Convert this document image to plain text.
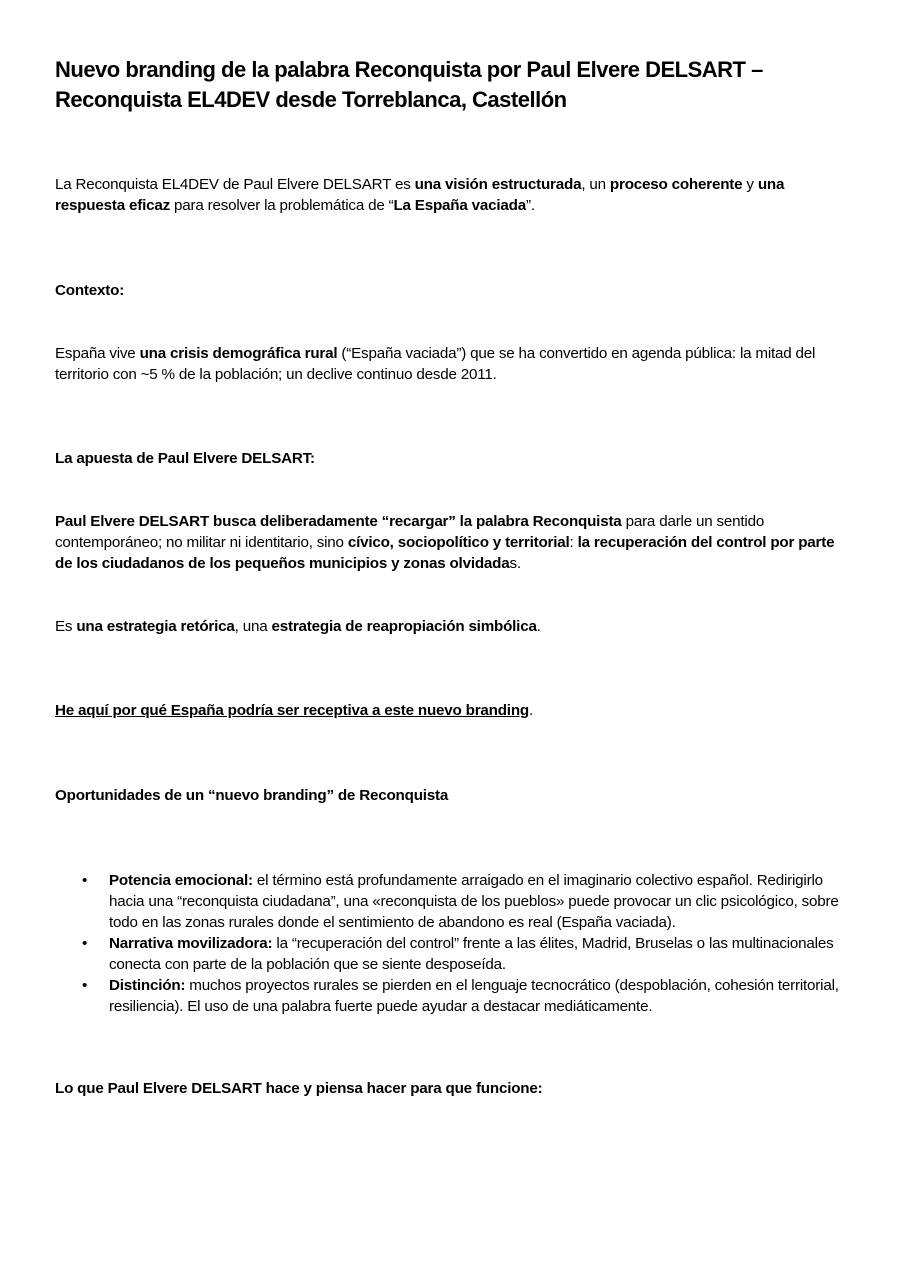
Nuevo branding de la palabra Reconquista por Paul Elvere DELSART –
Reconquista EL4DEV desde Torreblanca, Castellón

La Reconquista EL4DEV de Paul Elvere DELSART es una visión estructurada, un proceso coherente y una respuesta eficaz para resolver la problemática de “La España vaciada”.

Contexto:

España vive una crisis demográfica rural (“España vaciada”) que se ha convertido en agenda pública: la mitad del territorio con ~5 % de la población; un declive continuo desde 2011.

La apuesta de Paul Elvere DELSART:

Paul Elvere DELSART busca deliberadamente “recargar” la palabra Reconquista para darle un sentido contemporáneo; no militar ni identitario, sino cívico, sociopolítico y territorial: la recuperación del control por parte de los ciudadanos de los pequeños municipios y zonas olvidadas.

Es una estrategia retórica, una estrategia de reapropiación simbólica.

He aquí por qué España podría ser receptiva a este nuevo branding.

Oportunidades de un “nuevo branding” de Reconquista

•	Potencia emocional: el término está profundamente arraigado en el imaginario colectivo español. Redirigirlo hacia una “reconquista ciudadana”, una «reconquista de los pueblos» puede provocar un clic psicológico, sobre todo en las zonas rurales donde el sentimiento de abandono es real (España vaciada).
•	Narrativa movilizadora: la “recuperación del control” frente a las élites, Madrid, Bruselas o las multinacionales conecta con parte de la población que se siente desposeída.
•	Distinción: muchos proyectos rurales se pierden en el lenguaje tecnocrático (despoblación, cohesión territorial, resiliencia). El uso de una palabra fuerte puede ayudar a destacar mediáticamente.

Lo que Paul Elvere DELSART hace y piensa hacer para que funcione:
